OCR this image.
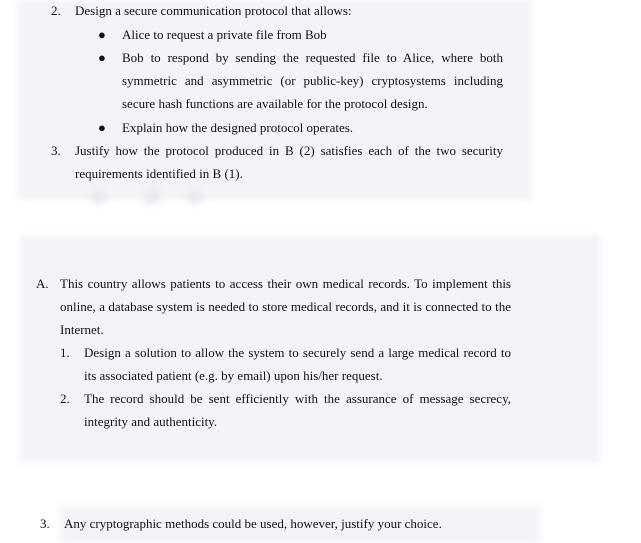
2. Design a secure communication protocol that allows:
● Alice to request a private file from Bob
● Bob to respond by sending the requested file to Alice, where both
symmetric and asymmetric (or public-key) cryptosystems including
secure hash functions are available for the protocol design.
● Explain how the designed protocol operates.
3. Justify how the protocol produced in B (2) satisfies each of the two security
requirements identified in B (1).
A. This country allows patients to access their own medical records. To implement this
online, a database system is needed to store medical records, and it is connected to the
Internet.
1. Design a solution to allow the system to securely send a large medical record to
its associated patient (e.g. by email) upon his/her request.
2. The record should be sent efficiently with the assurance of message secrecy,
integrity and authenticity.
3. Any cryptographic methods could be used, however, justify your choice.
